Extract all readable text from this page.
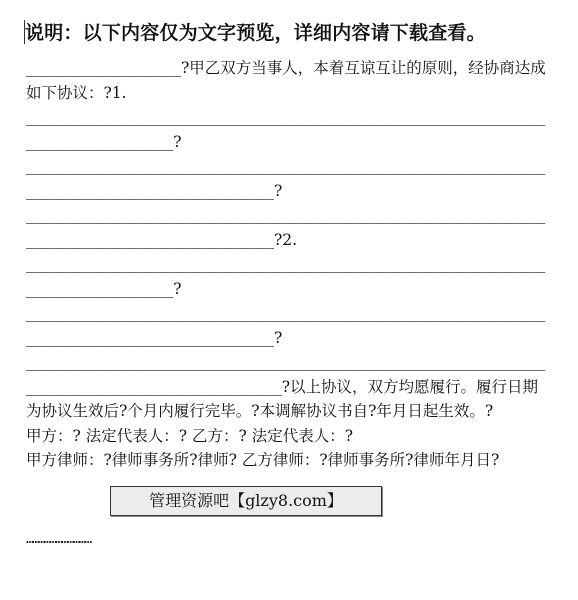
说明：以下内容仅为文字预览，详细内容请下载查看。

____________________?甲乙双方当事人，本着互谅互让的原则，经协商达成如下协议：?1.

______________________________________________________________________________________?

___________________________________________________________________________________________________?

___________________________________________________________________________________________________?2.

______________________________________________________________________________________?

___________________________________________________________________________________________________?

____________________________________________________________________________________________________?以上协议，双方均愿履行。履行日期为协议生效后?个月内履行完毕。?本调解协议书自?年月日起生效。?

甲方：? 法定代表人：? 乙方：? 法定代表人：?

甲方律师：?律师事务所?律师? 乙方律师：?律师事务所?律师年月日?

……………………………
管理资源吧【glzy8.com】
